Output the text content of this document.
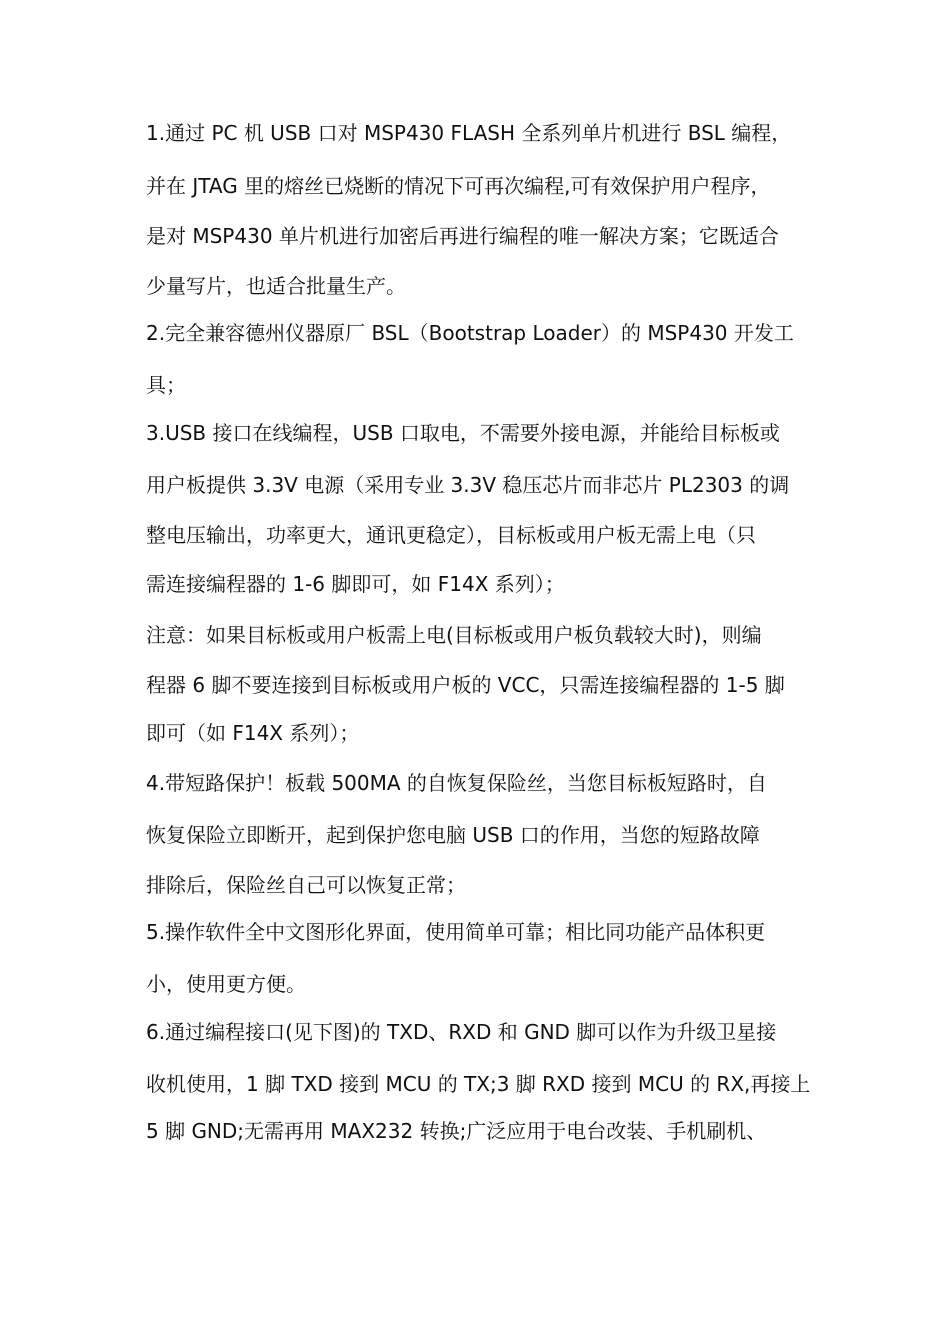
1.通过 PC 机 USB 口对 MSP430 FLASH 全系列单片机进行 BSL 编程，
并在 JTAG 里的熔丝已烧断的情况下可再次编程,可有效保护用户程序，
是对 MSP430 单片机进行加密后再进行编程的唯一解决方案；它既适合
少量写片，也适合批量生产。
2.完全兼容德州仪器原厂 BSL（Bootstrap Loader）的 MSP430 开发工
具；
3.USB 接口在线编程，USB 口取电，不需要外接电源，并能给目标板或
用户板提供 3.3V 电源（采用专业 3.3V 稳压芯片而非芯片 PL2303 的调
整电压输出，功率更大，通讯更稳定），目标板或用户板无需上电（只
需连接编程器的 1-6 脚即可，如 F14X 系列）；
注意：如果目标板或用户板需上电(目标板或用户板负载较大时)，则编
程器 6 脚不要连接到目标板或用户板的 VCC，只需连接编程器的 1-5 脚
即可（如 F14X 系列）；
4.带短路保护！板载 500MA 的自恢复保险丝，当您目标板短路时，自
恢复保险立即断开，起到保护您电脑 USB 口的作用，当您的短路故障
排除后，保险丝自己可以恢复正常；
5.操作软件全中文图形化界面，使用简单可靠；相比同功能产品体积更
小，使用更方便。
6.通过编程接口(见下图)的 TXD、RXD 和 GND 脚可以作为升级卫星接
收机使用，1 脚 TXD 接到 MCU 的 TX;3 脚 RXD 接到 MCU 的 RX,再接上
5 脚 GND;无需再用 MAX232 转换;广泛应用于电台改装、手机刷机、
